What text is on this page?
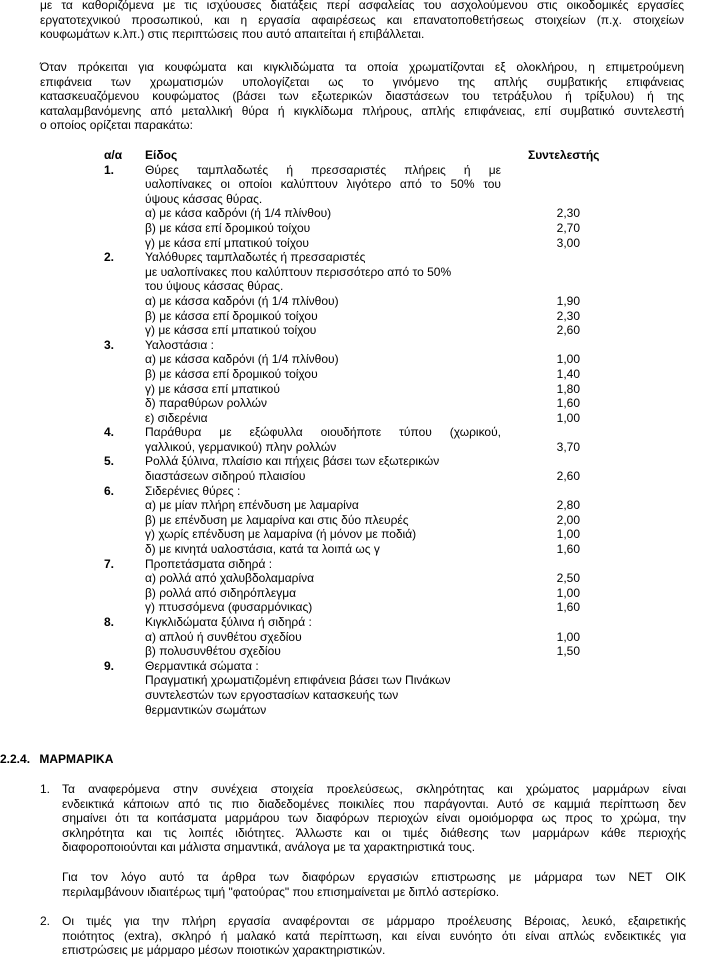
με τα καθοριζόμενα με τις ισχύουσες διατάξεις περί ασφαλείας του ασχολούμενου στις οικοδομικές εργασίες
εργατοτεχνικού προσωπικού, και η εργασία αφαιρέσεως και επανατοποθετήσεως στοιχείων (π.χ. στοιχείων
κουφωμάτων κ.λπ.) στις περιπτώσεις που αυτό απαιτείται ή επιβάλλεται.
Όταν πρόκειται για κουφώματα και κιγκλιδώματα τα οποία χρωματίζονται εξ ολοκλήρου, η επιμετρούμενη
επιφάνεια των χρωματισμών υπολογίζεται ως το γινόμενο της απλής συμβατικής επιφάνειας
κατασκευαζόμενου κουφώματος (βάσει των εξωτερικών διαστάσεων του τετράξυλου ή τρίξυλου) ή της
καταλαμβανόμενης από μεταλλική θύρα ή κιγκλίδωμα πλήρους, απλής επιφάνειας, επί συμβατικό συντελεστή
ο οποίος ορίζεται παρακάτω:
α/α	Είδος	Συντελεστής
1.	Θύρες ταμπλαδωτές ή πρεσσαριστές πλήρεις ή με
υαλοπίνακες οι οποίοι καλύπτουν λιγότερο από το 50% του
ύψους κάσσας θύρας.
α) με κάσα καδρόνι (ή 1/4 πλίνθου)	2,30
β) με κάσα επί δρομικού τοίχου	2,70
γ) με κάσα επί μπατικού τοίχου	3,00
2.	Υαλόθυρες ταμπλαδωτές ή πρεσσαριστές
με υαλοπίνακες που καλύπτουν περισσότερο από το 50%
του ύψους κάσσας θύρας.
α) με κάσσα καδρόνι (ή 1/4 πλίνθου)	1,90
β) με κάσσα επί δρομικού τοίχου	2,30
γ) με κάσσα επί μπατικού τοίχου	2,60
3.	Υαλοστάσια :
α) με κάσσα καδρόνι (ή 1/4 πλίνθου)	1,00
β) με κάσσα επί δρομικού τοίχου	1,40
γ) με κάσσα επί μπατικού	1,80
δ) παραθύρων ρολλών	1,60
ε) σιδερένια	1,00
4.	Παράθυρα με εξώφυλλα οιουδήποτε τύπου (χωρικού,
γαλλικού, γερμανικού) πλην ρολλών	3,70
5.	Ρολλά ξύλινα, πλαίσιο και πήχεις βάσει των εξωτερικών
διαστάσεων σιδηρού πλαισίου	2,60
6.	Σιδερένιες θύρες :
α) με μίαν πλήρη επένδυση με λαμαρίνα	2,80
β) με επένδυση με λαμαρίνα και στις δύο πλευρές	2,00
γ) χωρίς επένδυση με λαμαρίνα (ή μόνον με ποδιά)	1,00
δ) με κινητά υαλοστάσια, κατά τα λοιπά ως γ	1,60
7.	Προπετάσματα σιδηρά :
α) ρολλά από χαλυβδολαμαρίνα	2,50
β) ρολλά από σιδηρόπλεγμα	1,00
γ) πτυσσόμενα (φυσαρμόνικας)	1,60
8.	Κιγκλιδώματα ξύλινα ή σιδηρά :
α) απλού ή συνθέτου σχεδίου	1,00
β) πολυσυνθέτου σχεδίου	1,50
9.	Θερμαντικά σώματα :
Πραγματική χρωματιζομένη επιφάνεια βάσει των Πινάκων
συντελεστών των εργοστασίων κατασκευής των
θερμαντικών σωμάτων
2.2.4. ΜΑΡΜΑΡΙΚΑ
1. Τα αναφερόμενα στην συνέχεια στοιχεία προελεύσεως, σκληρότητας και χρώματος μαρμάρων είναι
ενδεικτικά κάποιων από τις πιο διαδεδομένες ποικιλίες που παράγονται. Αυτό σε καμμιά περίπτωση δεν
σημαίνει ότι τα κοιτάσματα μαρμάρου των διαφόρων περιοχών είναι ομοιόμορφα ως προς το χρώμα, την
σκληρότητα και τις λοιπές ιδιότητες. Άλλωστε και οι τιμές διάθεσης των μαρμάρων κάθε περιοχής
διαφοροποιούνται και μάλιστα σημαντικά, ανάλογα με τα χαρακτηριστικά τους.
Για τον λόγο αυτό τα άρθρα των διαφόρων εργασιών επιστρωσης με μάρμαρα των ΝΕΤ ΟΙΚ
περιλαμβάνουν ιδιαιτέρως τιμή "φατούρας" που επισημαίνεται με διπλό αστερίσκο.
2. Οι τιμές για την πλήρη εργασία αναφέρονται σε μάρμαρο προέλευσης Βέροιας, λευκό, εξαιρετικής
ποιότητος (extra), σκληρό ή μαλακό κατά περίπτωση, και είναι ευνόητο ότι είναι απλώς ενδεικτικές για
επιστρώσεις με μάρμαρο μέσων ποιοτικών χαρακτηριστικών.
